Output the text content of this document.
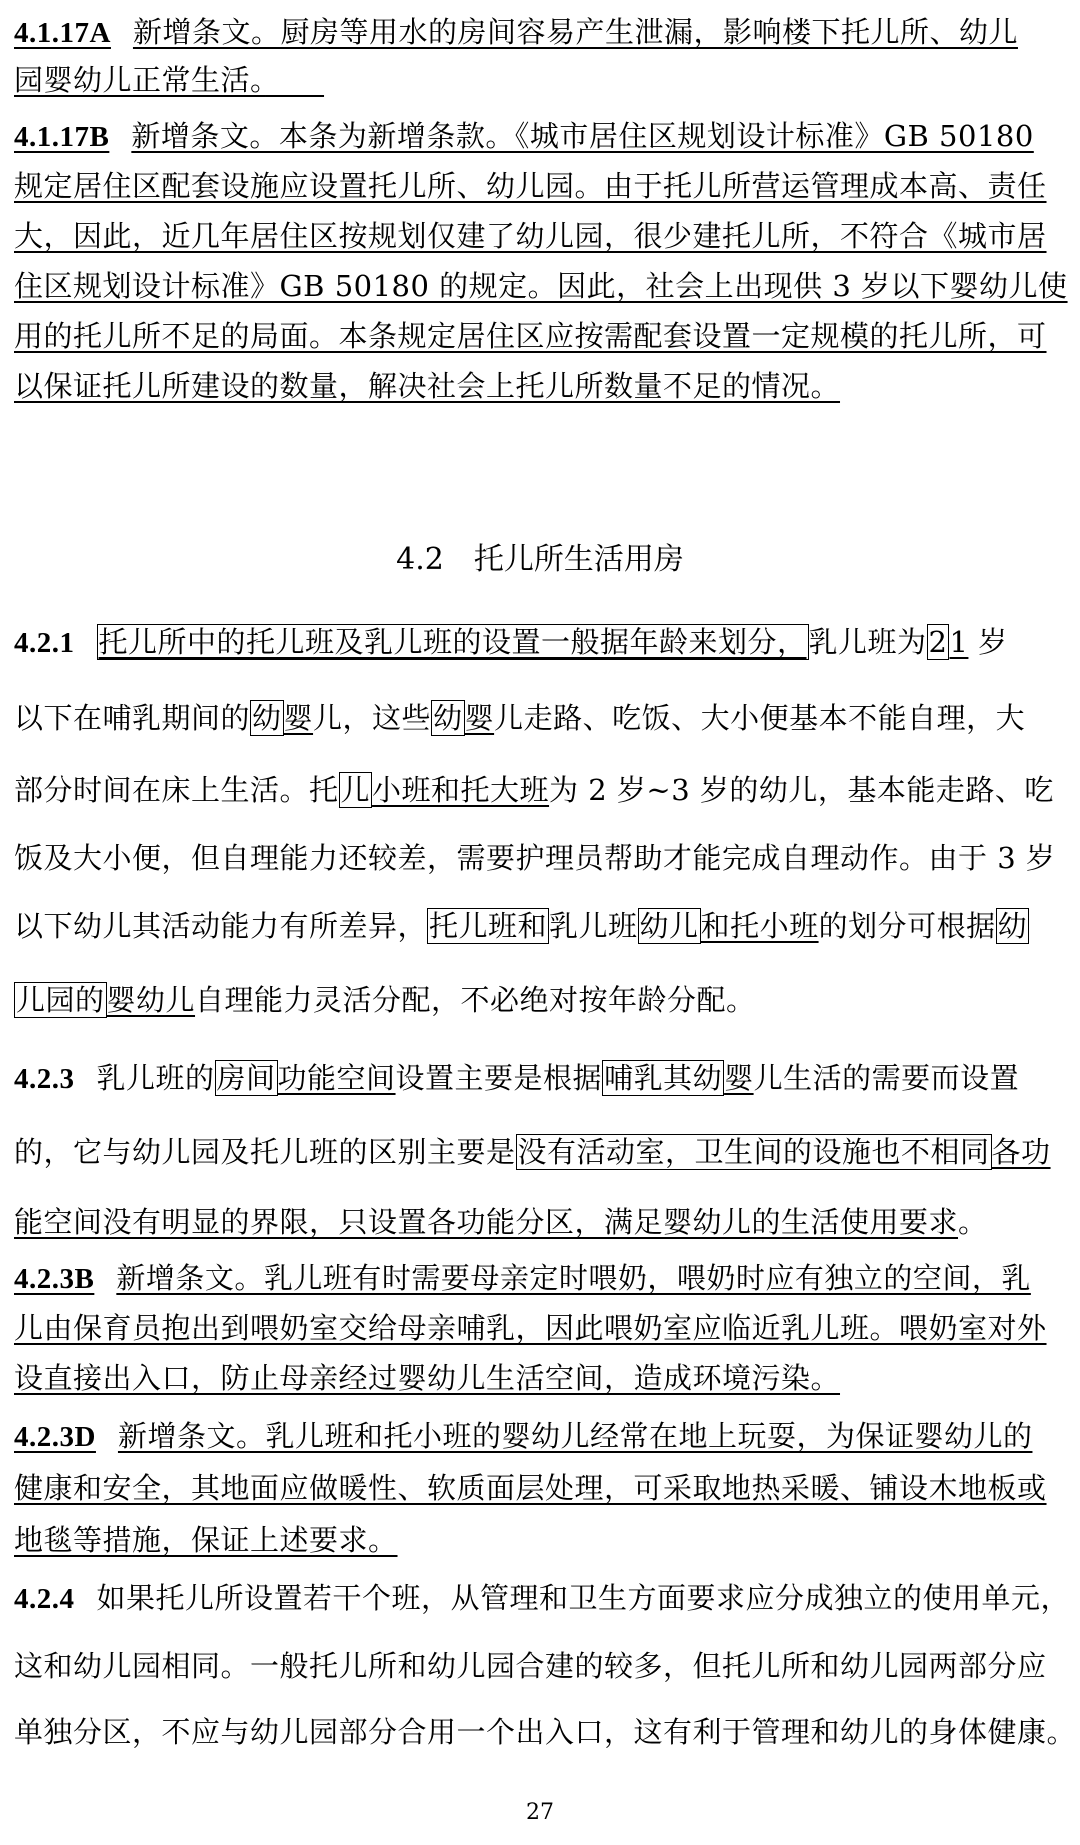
4.1.17A 新增条文。厨房等用水的房间容易产生泄漏，影响楼下托儿所、幼儿
园婴幼儿正常生活。　　
4.1.17B 新增条文。本条为新增条款。《城市居住区规划设计标准》GB 50180
规定居住区配套设施应设置托儿所、幼儿园。由于托儿所营运管理成本高、责任
大，因此，近几年居住区按规划仅建了幼儿园，很少建托儿所，不符合《城市居
住区规划设计标准》GB 50180 的规定。因此，社会上出现供 3 岁以下婴幼儿使
用的托儿所不足的局面。本条规定居住区应按需配套设置一定规模的托儿所，可
以保证托儿所建设的数量，解决社会上托儿所数量不足的情况。
4.2　托儿所生活用房
4.2.1 托儿所中的托儿班及乳儿班的设置一般据年龄来划分，乳儿班为21 岁
以下在哺乳期间的幼婴儿，这些幼婴儿走路、吃饭、大小便基本不能自理，大
部分时间在床上生活。托儿小班和托大班为 2 岁~3 岁的幼儿，基本能走路、吃
饭及大小便，但自理能力还较差，需要护理员帮助才能完成自理动作。由于 3 岁
以下幼儿其活动能力有所差异，托儿班和乳儿班幼儿和托小班的划分可根据幼
儿园的婴幼儿自理能力灵活分配，不必绝对按年龄分配。
4.2.3 乳儿班的房间功能空间设置主要是根据哺乳其幼婴儿生活的需要而设置
的，它与幼儿园及托儿班的区别主要是没有活动室，卫生间的设施也不相同各功
能空间没有明显的界限，只设置各功能分区，满足婴幼儿的生活使用要求。
4.2.3B 新增条文。乳儿班有时需要母亲定时喂奶，喂奶时应有独立的空间，乳
儿由保育员抱出到喂奶室交给母亲哺乳，因此喂奶室应临近乳儿班。喂奶室对外
设直接出入口，防止母亲经过婴幼儿生活空间，造成环境污染。
4.2.3D 新增条文。乳儿班和托小班的婴幼儿经常在地上玩耍，为保证婴幼儿的
健康和安全，其地面应做暖性、软质面层处理，可采取地热采暖、铺设木地板或
地毯等措施，保证上述要求。
4.2.4 如果托儿所设置若干个班，从管理和卫生方面要求应分成独立的使用单元，
这和幼儿园相同。一般托儿所和幼儿园合建的较多，但托儿所和幼儿园两部分应
单独分区，不应与幼儿园部分合用一个出入口，这有利于管理和幼儿的身体健康。
27
